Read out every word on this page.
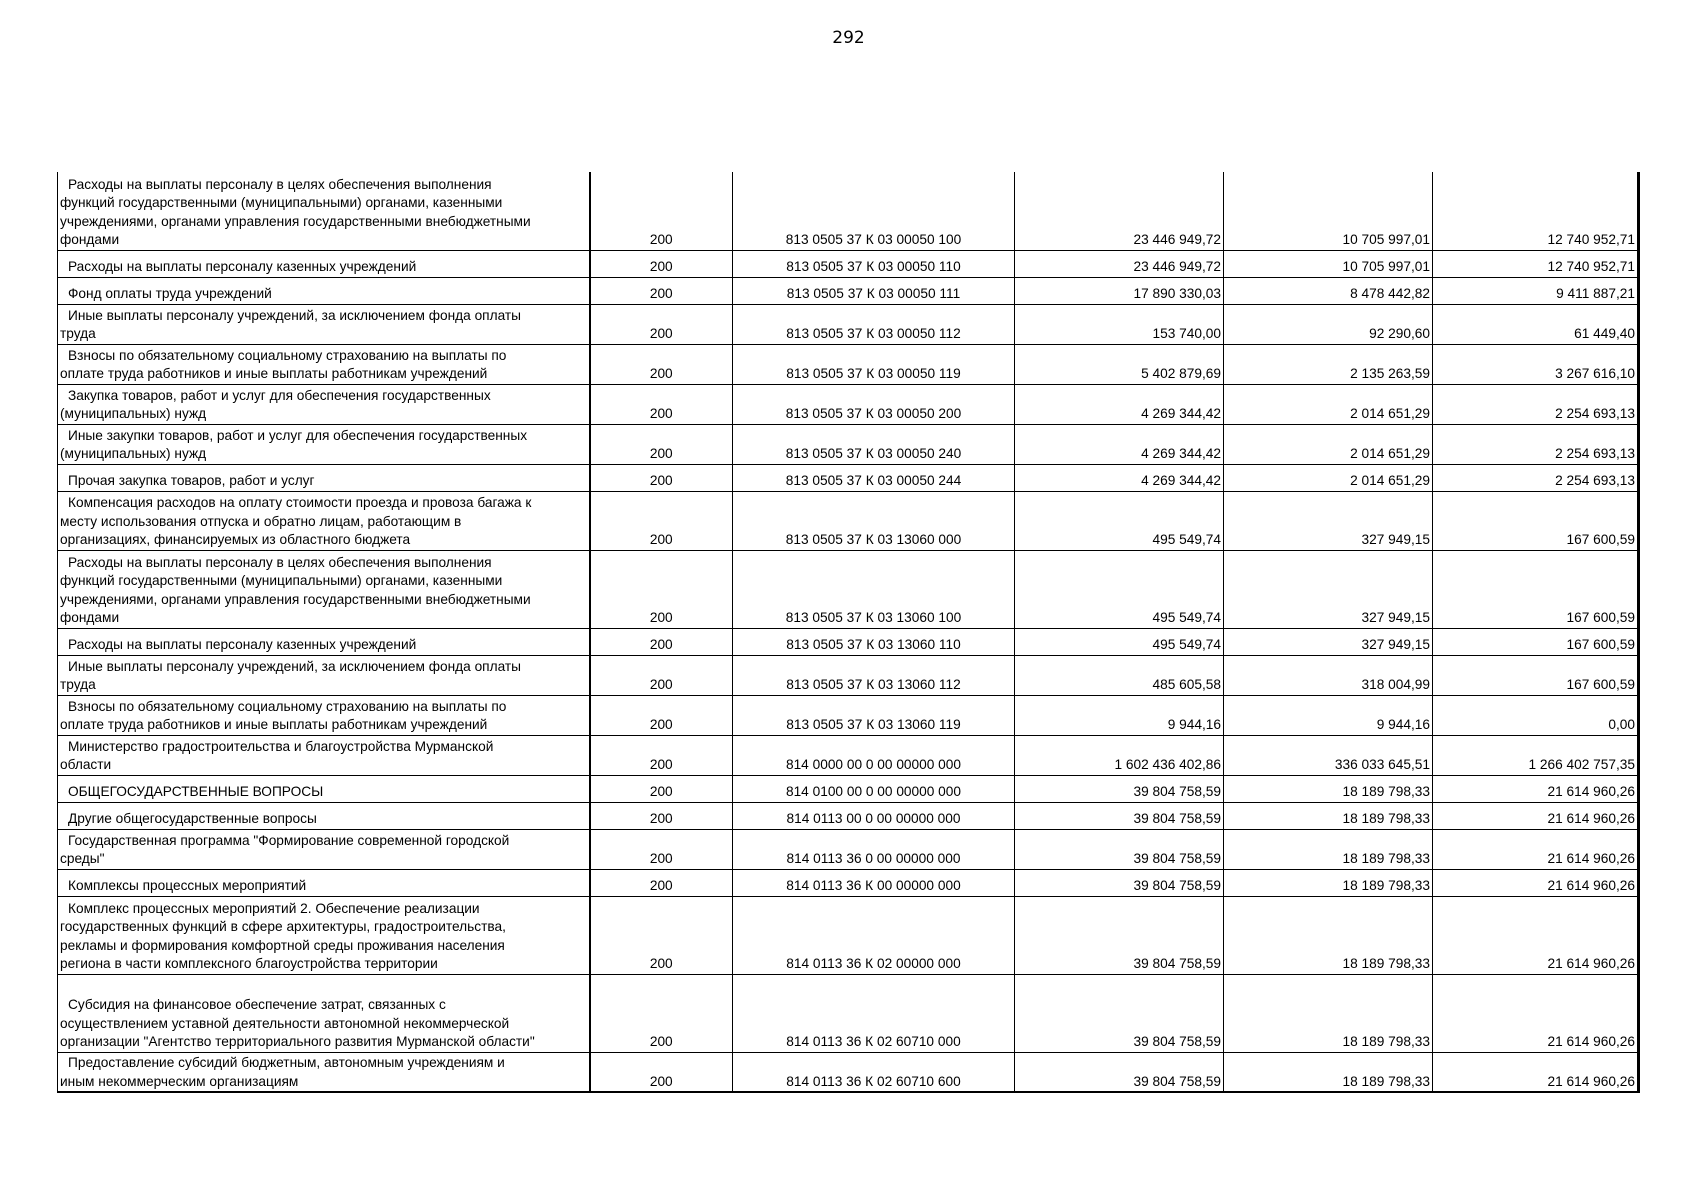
292
Расходы на выплаты персоналу в целях обеспечения выполнения
функций государственными (муниципальными) органами, казенными
учреждениями, органами управления государственными внебюджетными
фондами	200	813 0505 37 К 03 00050 100	23 446 949,72	10 705 997,01	12 740 952,71
Расходы на выплаты персоналу казенных учреждений	200	813 0505 37 К 03 00050 110	23 446 949,72	10 705 997,01	12 740 952,71
Фонд оплаты труда учреждений	200	813 0505 37 К 03 00050 111	17 890 330,03	8 478 442,82	9 411 887,21
Иные выплаты персоналу учреждений, за исключением фонда оплаты
труда	200	813 0505 37 К 03 00050 112	153 740,00	92 290,60	61 449,40
Взносы по обязательному социальному страхованию на выплаты по
оплате труда работников и иные выплаты работникам учреждений	200	813 0505 37 К 03 00050 119	5 402 879,69	2 135 263,59	3 267 616,10
Закупка товаров, работ и услуг для обеспечения государственных
(муниципальных) нужд	200	813 0505 37 К 03 00050 200	4 269 344,42	2 014 651,29	2 254 693,13
Иные закупки товаров, работ и услуг для обеспечения государственных
(муниципальных) нужд	200	813 0505 37 К 03 00050 240	4 269 344,42	2 014 651,29	2 254 693,13
Прочая закупка товаров, работ и услуг	200	813 0505 37 К 03 00050 244	4 269 344,42	2 014 651,29	2 254 693,13
Компенсация расходов на оплату стоимости проезда и провоза багажа к
месту использования отпуска и обратно лицам, работающим в
организациях, финансируемых из областного бюджета	200	813 0505 37 К 03 13060 000	495 549,74	327 949,15	167 600,59
Расходы на выплаты персоналу в целях обеспечения выполнения
функций государственными (муниципальными) органами, казенными
учреждениями, органами управления государственными внебюджетными
фондами	200	813 0505 37 К 03 13060 100	495 549,74	327 949,15	167 600,59
Расходы на выплаты персоналу казенных учреждений	200	813 0505 37 К 03 13060 110	495 549,74	327 949,15	167 600,59
Иные выплаты персоналу учреждений, за исключением фонда оплаты
труда	200	813 0505 37 К 03 13060 112	485 605,58	318 004,99	167 600,59
Взносы по обязательному социальному страхованию на выплаты по
оплате труда работников и иные выплаты работникам учреждений	200	813 0505 37 К 03 13060 119	9 944,16	9 944,16	0,00
Министерство градостроительства и благоустройства Мурманской
области	200	814 0000 00 0 00 00000 000	1 602 436 402,86	336 033 645,51	1 266 402 757,35
ОБЩЕГОСУДАРСТВЕННЫЕ ВОПРОСЫ	200	814 0100 00 0 00 00000 000	39 804 758,59	18 189 798,33	21 614 960,26
Другие общегосударственные вопросы	200	814 0113 00 0 00 00000 000	39 804 758,59	18 189 798,33	21 614 960,26
Государственная программа "Формирование современной городской
среды"	200	814 0113 36 0 00 00000 000	39 804 758,59	18 189 798,33	21 614 960,26
Комплексы процессных мероприятий	200	814 0113 36 К 00 00000 000	39 804 758,59	18 189 798,33	21 614 960,26
Комплекс процессных мероприятий 2. Обеспечение реализации
государственных функций в сфере архитектуры, градостроительства,
рекламы и формирования комфортной среды проживания населения
региона в части комплексного благоустройства территории	200	814 0113 36 К 02 00000 000	39 804 758,59	18 189 798,33	21 614 960,26
Субсидия на финансовое обеспечение затрат, связанных с
осуществлением уставной деятельности автономной некоммерческой
организации "Агентство территориального развития Мурманской области"	200	814 0113 36 К 02 60710 000	39 804 758,59	18 189 798,33	21 614 960,26
Предоставление субсидий бюджетным, автономным учреждениям и
иным некоммерческим организациям	200	814 0113 36 К 02 60710 600	39 804 758,59	18 189 798,33	21 614 960,26
